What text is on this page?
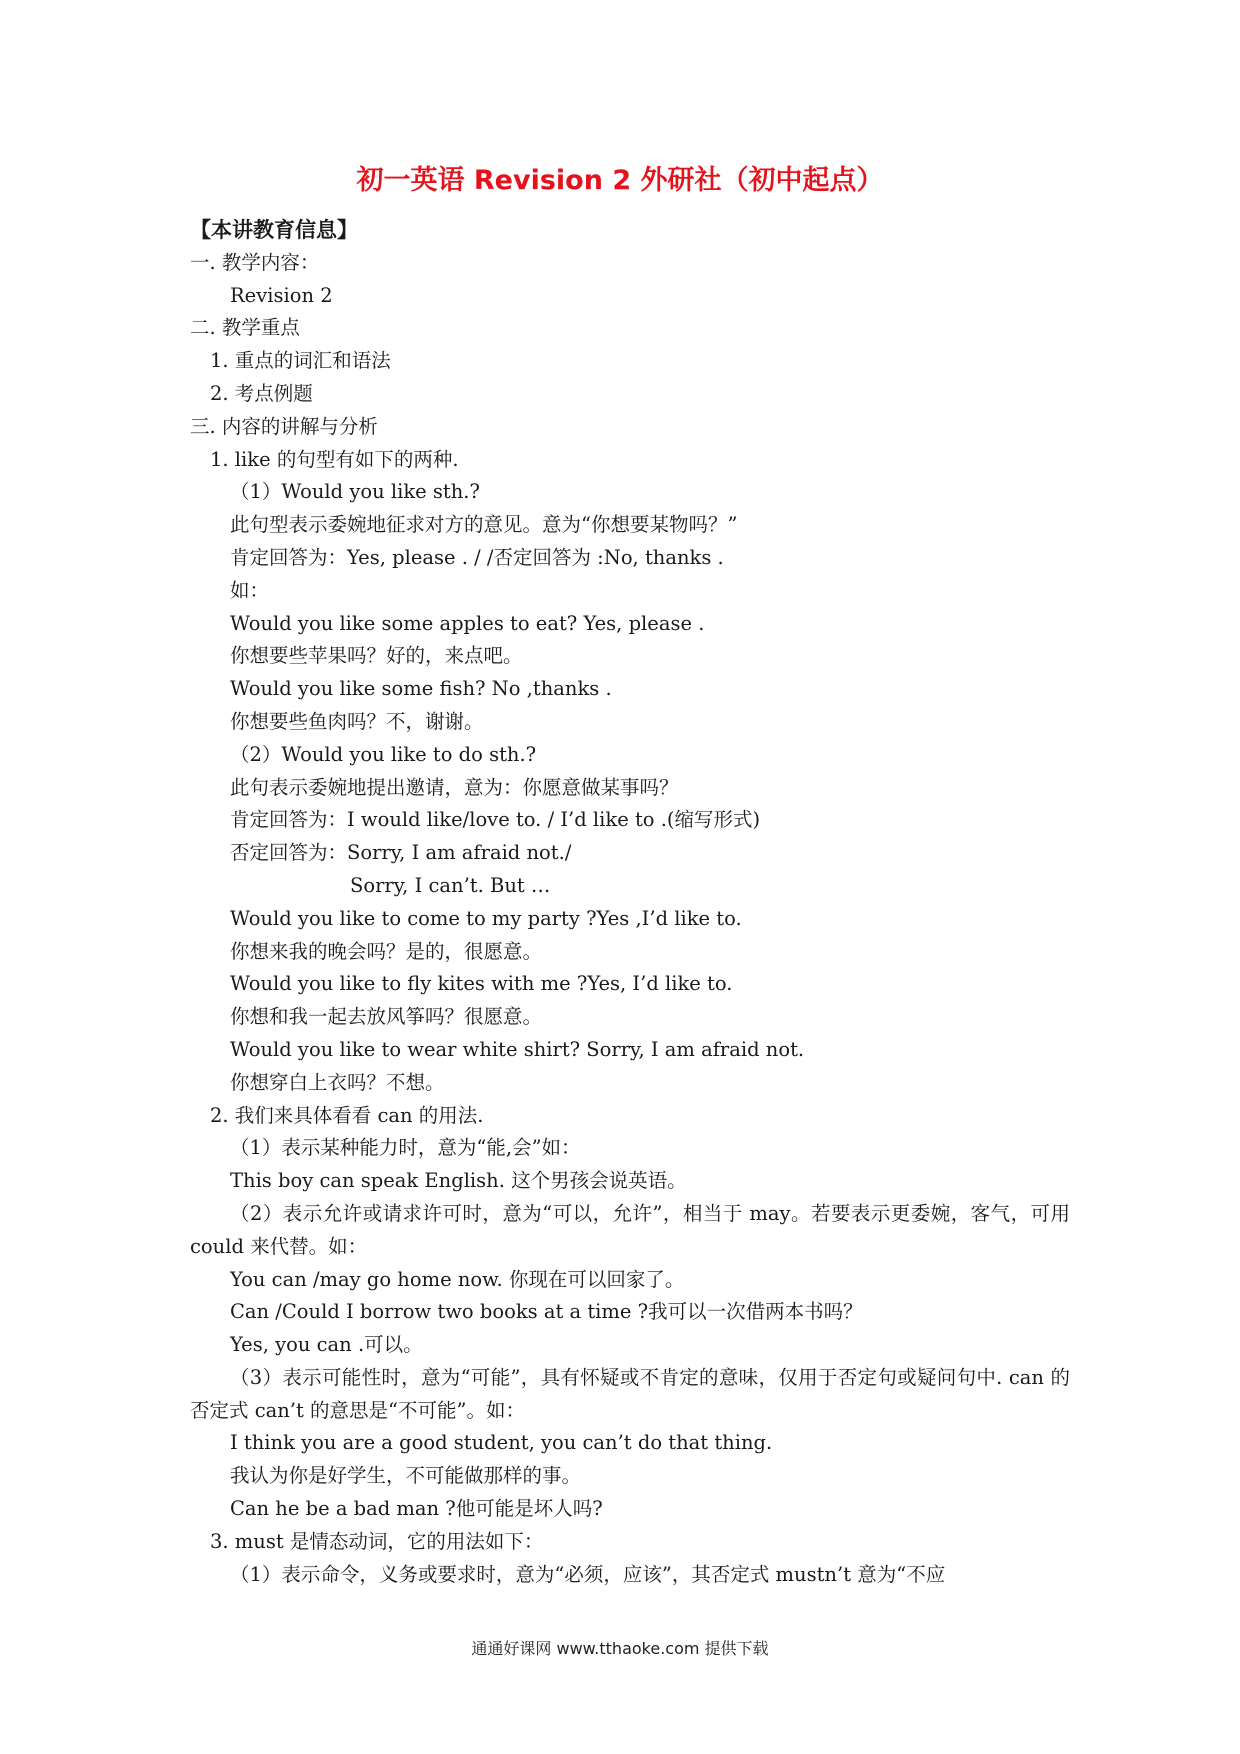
初一英语 Revision 2 外研社（初中起点）
【本讲教育信息】
一. 教学内容：
Revision 2
二. 教学重点
1. 重点的词汇和语法
2. 考点例题
三. 内容的讲解与分析
1. like 的句型有如下的两种.
（1）Would you like sth.?
此句型表示委婉地征求对方的意见。意为“你想要某物吗？”
肯定回答为：Yes, please . / /否定回答为 :No, thanks .
如：
Would you like some apples to eat? Yes, please .
你想要些苹果吗？好的，来点吧。
Would you like some fish? No ,thanks .
你想要些鱼肉吗？不，谢谢。
（2）Would you like to do sth.?
此句表示委婉地提出邀请，意为：你愿意做某事吗？
肯定回答为：I would like/love to. / I’d like to .(缩写形式)
否定回答为：Sorry, I am afraid not./
Sorry, I can’t. But …
Would you like to come to my party ?Yes ,I’d like to.
你想来我的晚会吗？是的，很愿意。
Would you like to fly kites with me ?Yes, I’d like to.
你想和我一起去放风筝吗？很愿意。
Would you like to wear white shirt? Sorry, I am afraid not.
你想穿白上衣吗？不想。
2. 我们来具体看看 can 的用法.
（1）表示某种能力时，意为“能,会”如：
This boy can speak English. 这个男孩会说英语。
（2）表示允许或请求许可时，意为“可以，允许”，相当于 may。若要表示更委婉，客气，可用 could 来代替。如：
You can /may go home now. 你现在可以回家了。
Can /Could I borrow two books at a time ?我可以一次借两本书吗？
Yes, you can .可以。
（3）表示可能性时，意为“可能”，具有怀疑或不肯定的意味，仅用于否定句或疑问句中. can 的否定式 can’t 的意思是“不可能”。如：
I think you are a good student, you can’t do that thing.
我认为你是好学生，不可能做那样的事。
Can he be a bad man ?他可能是坏人吗?
3. must 是情态动词，它的用法如下：
（1）表示命令，义务或要求时，意为“必须，应该”，其否定式 mustn’t 意为“不应
通通好课网 www.tthaoke.com 提供下载
